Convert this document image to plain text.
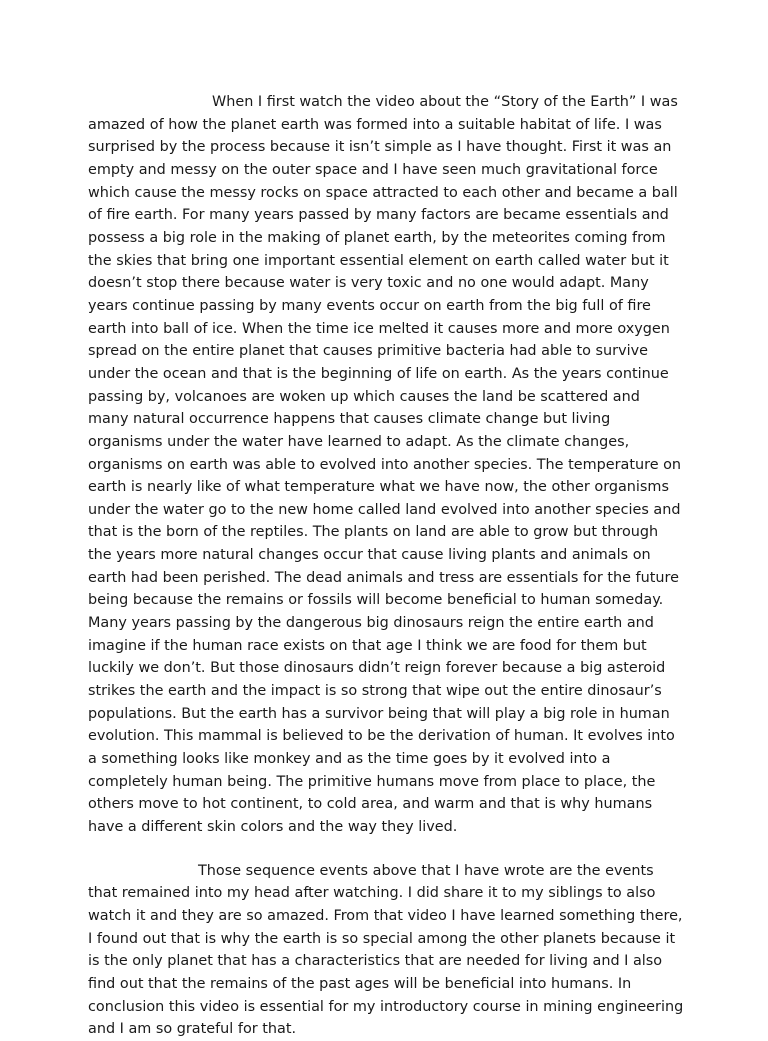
When I first watch the video about the “Story of the Earth” I was amazed of how the planet earth was formed into a suitable habitat of life. I was surprised by the process because it isn’t simple as I have thought. First it was an empty and messy on the outer space and I have seen much gravitational force which cause the messy rocks on space attracted to each other and became a ball of fire earth. For many years passed by many factors are became essentials and possess a big role in the making of planet earth, by the meteorites coming from the skies that bring one important essential element on earth called water but it doesn’t stop there because water is very toxic and no one would adapt. Many years continue passing by many events occur on earth from the big full of fire earth into ball of ice. When the time ice melted it causes more and more oxygen spread on the entire planet that causes primitive bacteria had able to survive under the ocean and that is the beginning of life on earth. As the years continue passing by, volcanoes are woken up which causes the land be scattered and many natural occurrence happens that causes climate change but living organisms under the water have learned to adapt. As the climate changes, organisms on earth was able to evolved into another species. The temperature on earth is nearly like of what temperature what we have now, the other organisms under the water go to the new home called land evolved into another species and that is the born of the reptiles. The plants on land are able to grow but through the years more natural changes occur that cause living plants and animals on earth had been perished. The dead animals and tress are essentials for the future being because the remains or fossils will become beneficial to human someday. Many years passing by the dangerous big dinosaurs reign the entire earth and imagine if the human race exists on that age I think we are food for them but luckily we don’t. But those dinosaurs didn’t reign forever because a big asteroid strikes the earth and the impact is so strong that wipe out the entire dinosaur’s populations. But the earth has a survivor being that will play a big role in human evolution. This mammal is believed to be the derivation of human. It evolves into a something looks like monkey and as the time goes by it evolved into a completely human being. The primitive humans move from place to place, the others move to hot continent, to cold area, and warm and that is why humans have a different skin colors and the way they lived.

Those sequence events above that I have wrote are the events that remained into my head after watching. I did share it to my siblings to also watch it and they are so amazed. From that video I have learned something there, I found out that is why the earth is so special among the other planets because it is the only planet that has a characteristics that are needed for living and I also find out that the remains of the past ages will be beneficial into humans. In conclusion this video is essential for my introductory course in mining engineering and I am so grateful for that.
